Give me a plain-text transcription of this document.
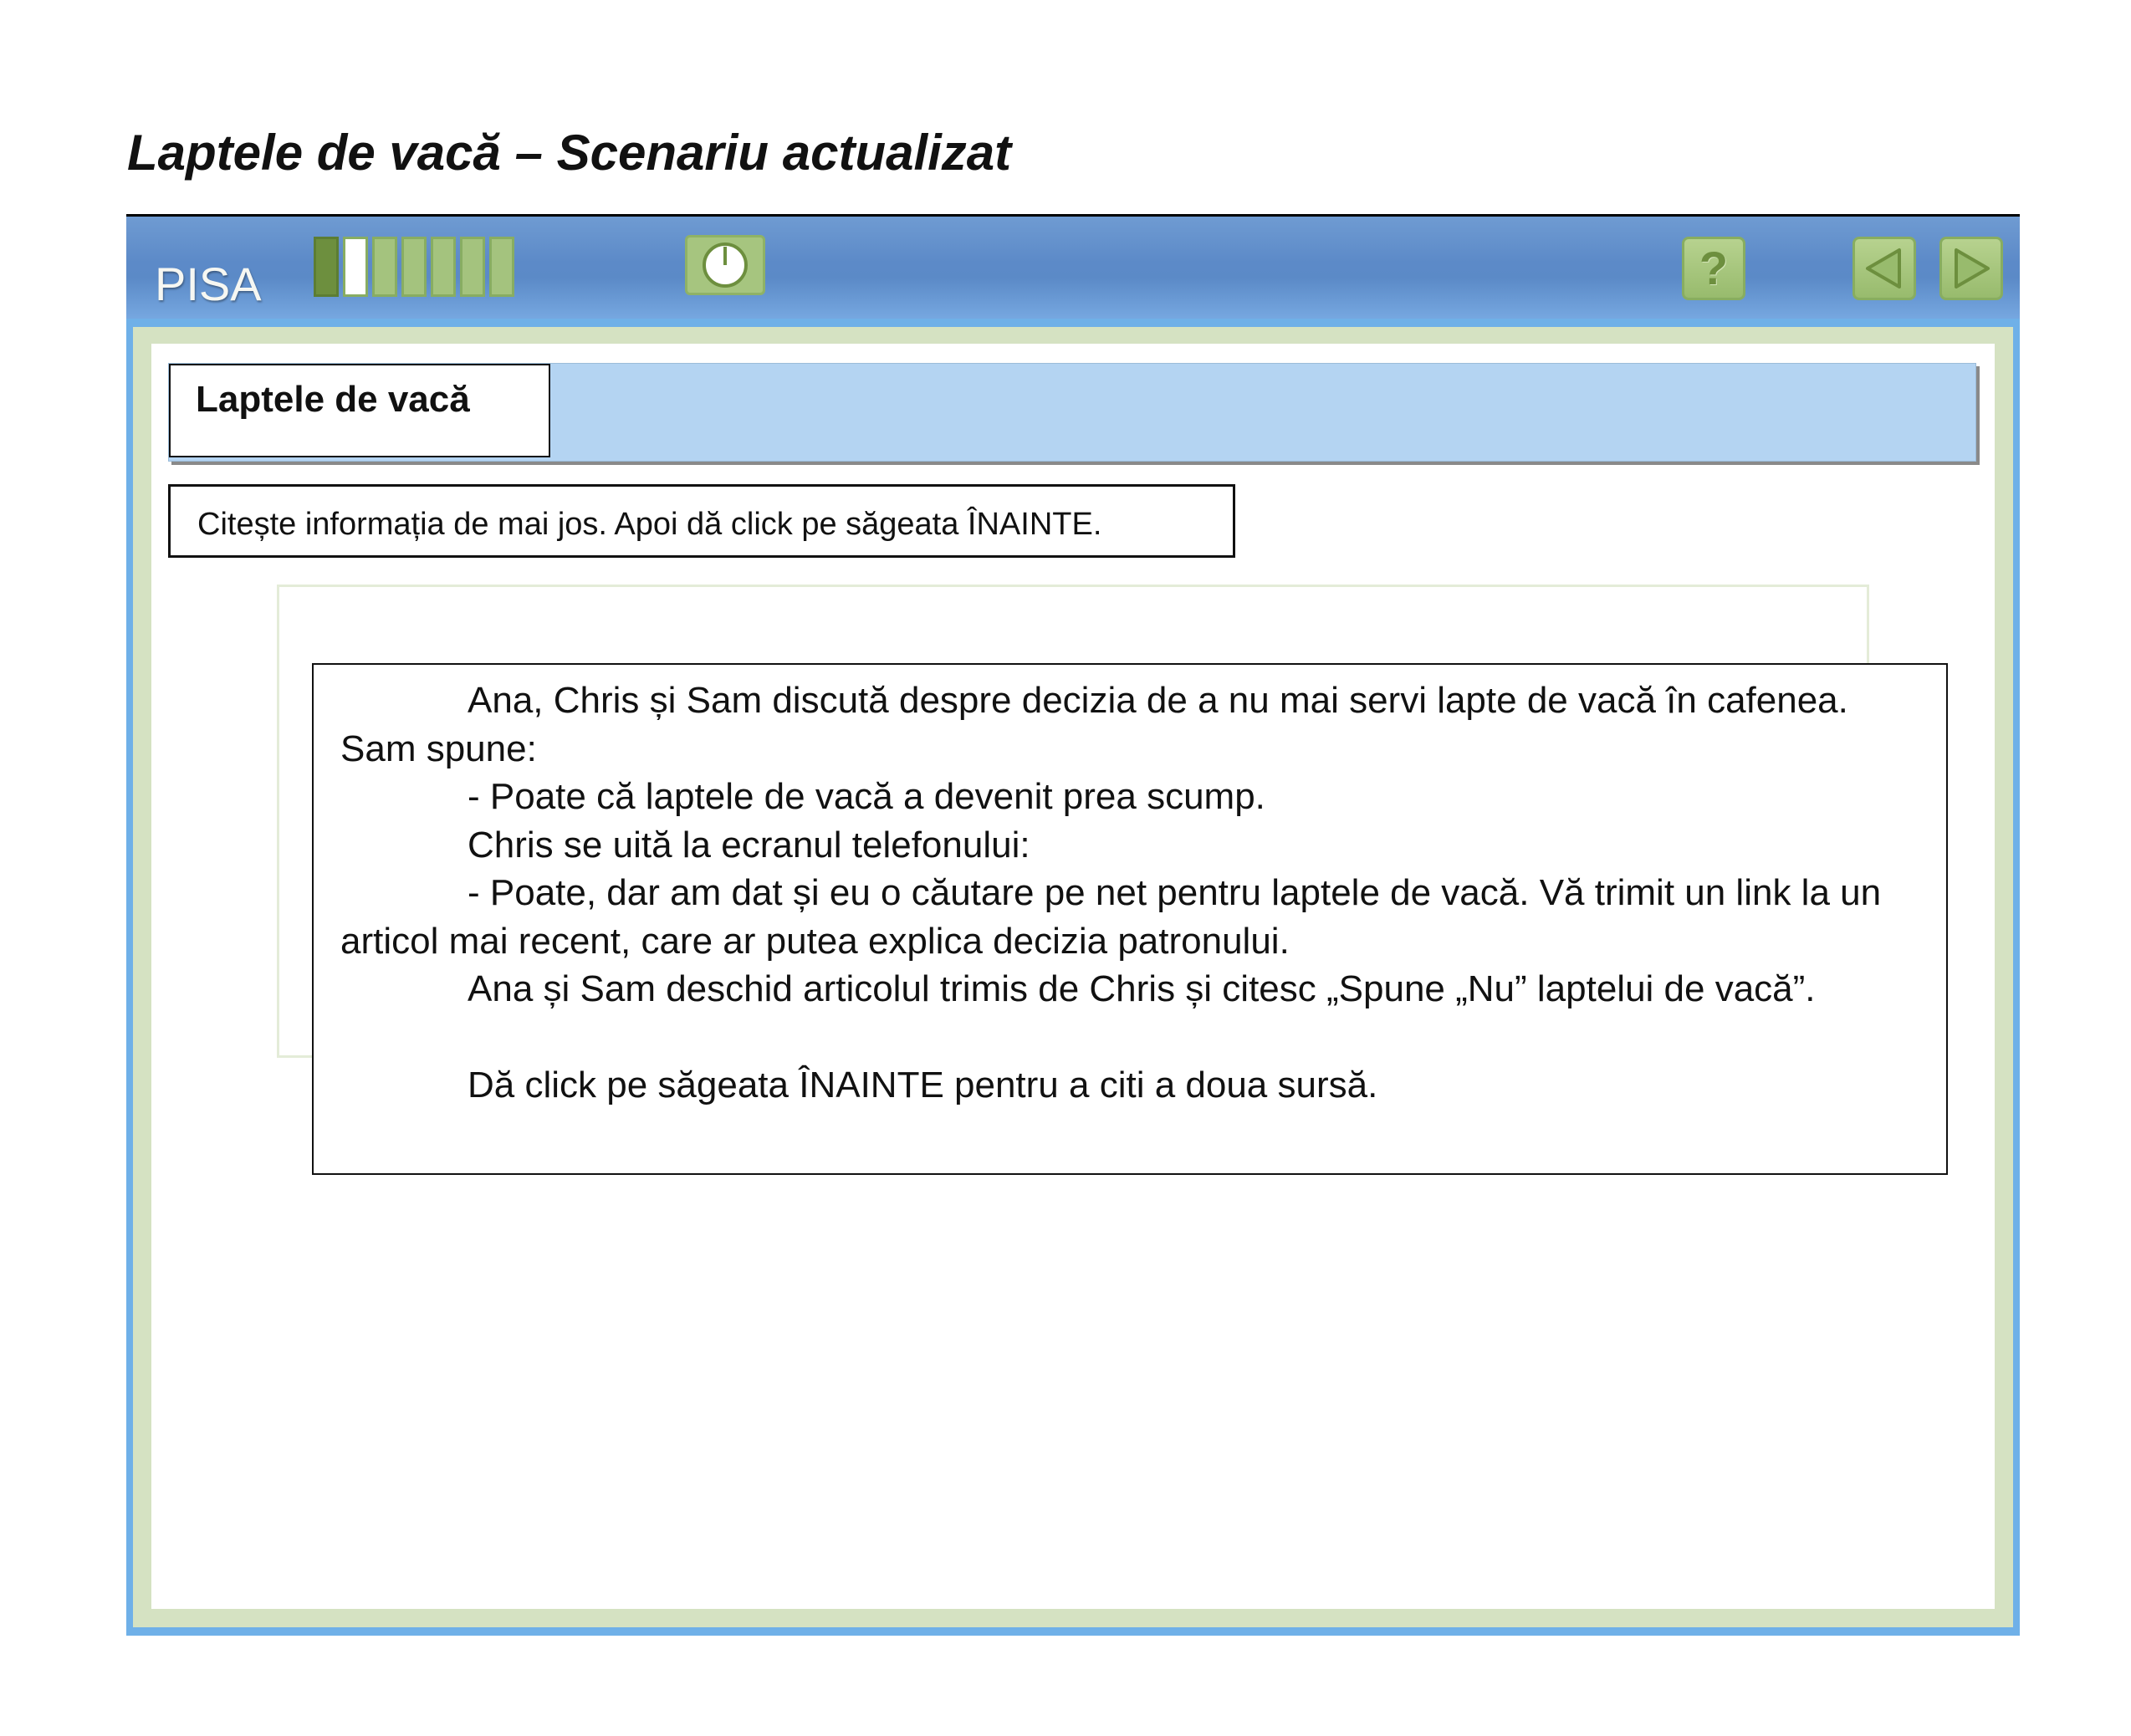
Laptele de vacă – Scenariu actualizat
PISA	?
Laptele de vacă
Citește informația de mai jos. Apoi dă click pe săgeata ÎNAINTE.

Ana, Chris și Sam discută despre decizia de a nu mai servi lapte de vacă în cafenea. Sam spune:

- Poate că laptele de vacă a devenit prea scump.

Chris se uită la ecranul telefonului:

- Poate, dar am dat și eu o căutare pe net pentru laptele de vacă. Vă trimit un link la un articol mai recent, care ar putea explica decizia patronului.

Ana și Sam deschid articolul trimis de Chris și citesc „Spune „Nu” laptelui de vacă”.

Dă click pe săgeata ÎNAINTE pentru a citi a doua sursă.
